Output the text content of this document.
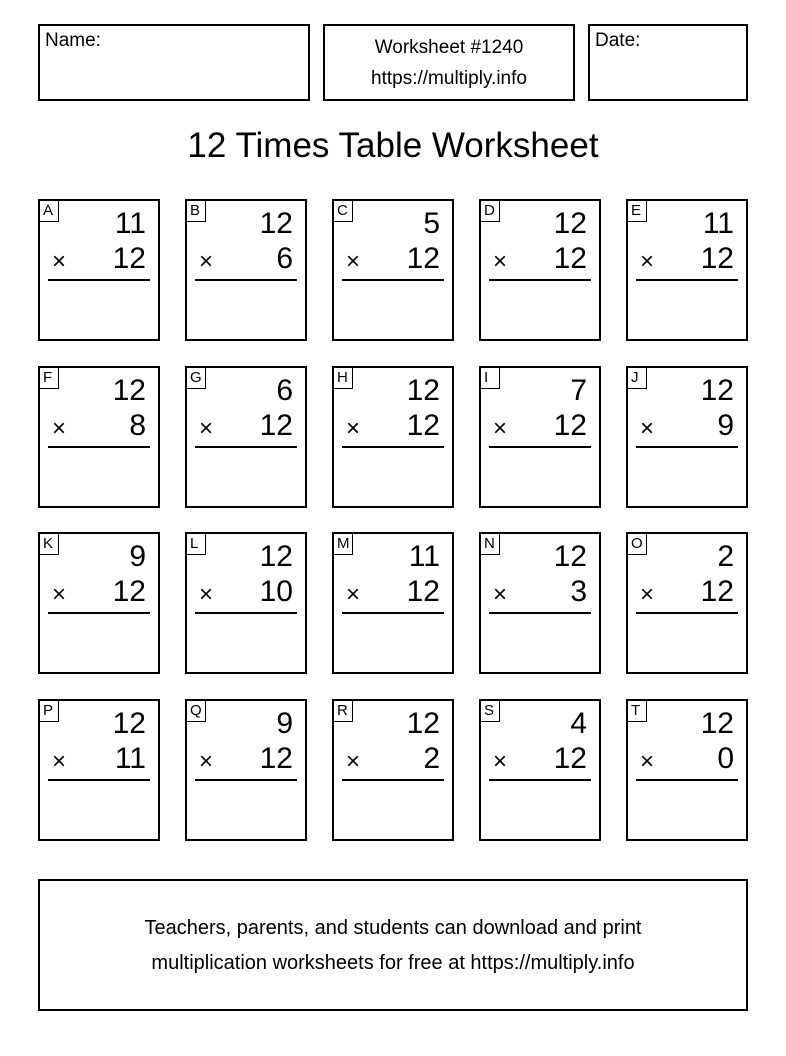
Name:	Worksheet #1240
https://multiply.info
Date:
12 Times Table Worksheet
A 11
× 12
B 12
× 6
C	5
× 12
D 12
× 12
E 11
× 12
F 12
× 8
G 6
× 12
H 12
× 12
I	7
× 12
J 12
× 9
K	9
× 12
L 12
× 10
M 11
× 12
N 12
× 3
O 2
× 12
P 12
× 11
Q 9
× 12
R 12
× 2
S	4
× 12
T 12
× 0
Teachers, parents, and students can download and print
multiplication worksheets for free at https://multiply.info
